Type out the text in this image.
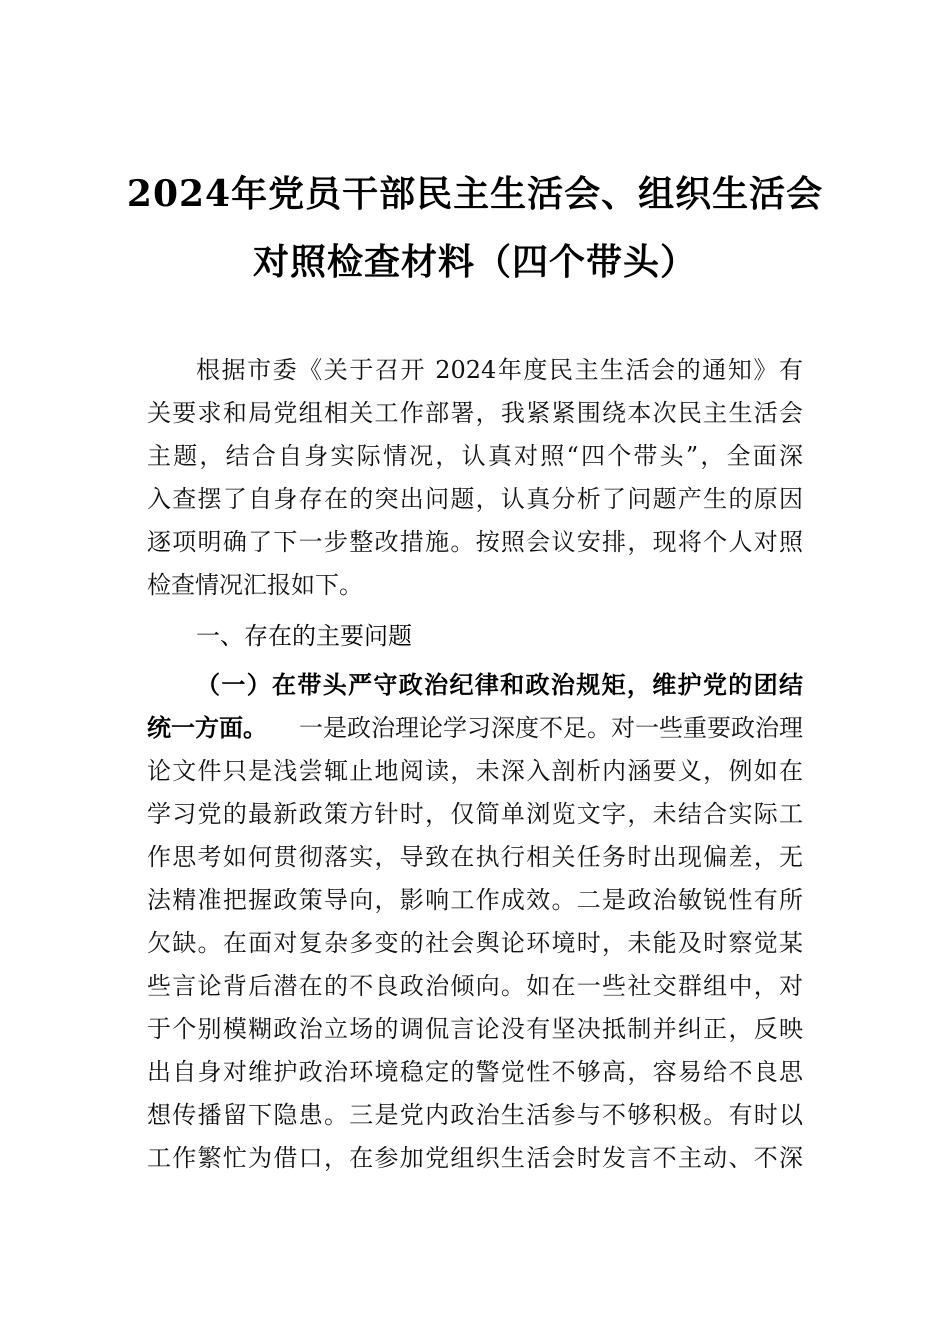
2024年党员干部民主生活会、组织生活会
对照检查材料（四个带头）
根据市委《关于召开 2024年度民主生活会的通知》有
关要求和局党组相关工作部署，我紧紧围绕本次民主生活会
主题，结合自身实际情况，认真对照“四个带头”，全面深
入查摆了自身存在的突出问题，认真分析了问题产生的原因
逐项明确了下一步整改措施。按照会议安排，现将个人对照
检查情况汇报如下。
一、存在的主要问题
（一）在带头严守政治纪律和政治规矩，维护党的团结
统一方面。 一是政治理论学习深度不足。对一些重要政治理
论文件只是浅尝辄止地阅读，未深入剖析内涵要义，例如在
学习党的最新政策方针时，仅简单浏览文字，未结合实际工
作思考如何贯彻落实，导致在执行相关任务时出现偏差，无
法精准把握政策导向，影响工作成效。二是政治敏锐性有所
欠缺。在面对复杂多变的社会舆论环境时，未能及时察觉某
些言论背后潜在的不良政治倾向。如在一些社交群组中，对
于个别模糊政治立场的调侃言论没有坚决抵制并纠正，反映
出自身对维护政治环境稳定的警觉性不够高，容易给不良思
想传播留下隐患。三是党内政治生活参与不够积极。有时以
工作繁忙为借口，在参加党组织生活会时发言不主动、不深
